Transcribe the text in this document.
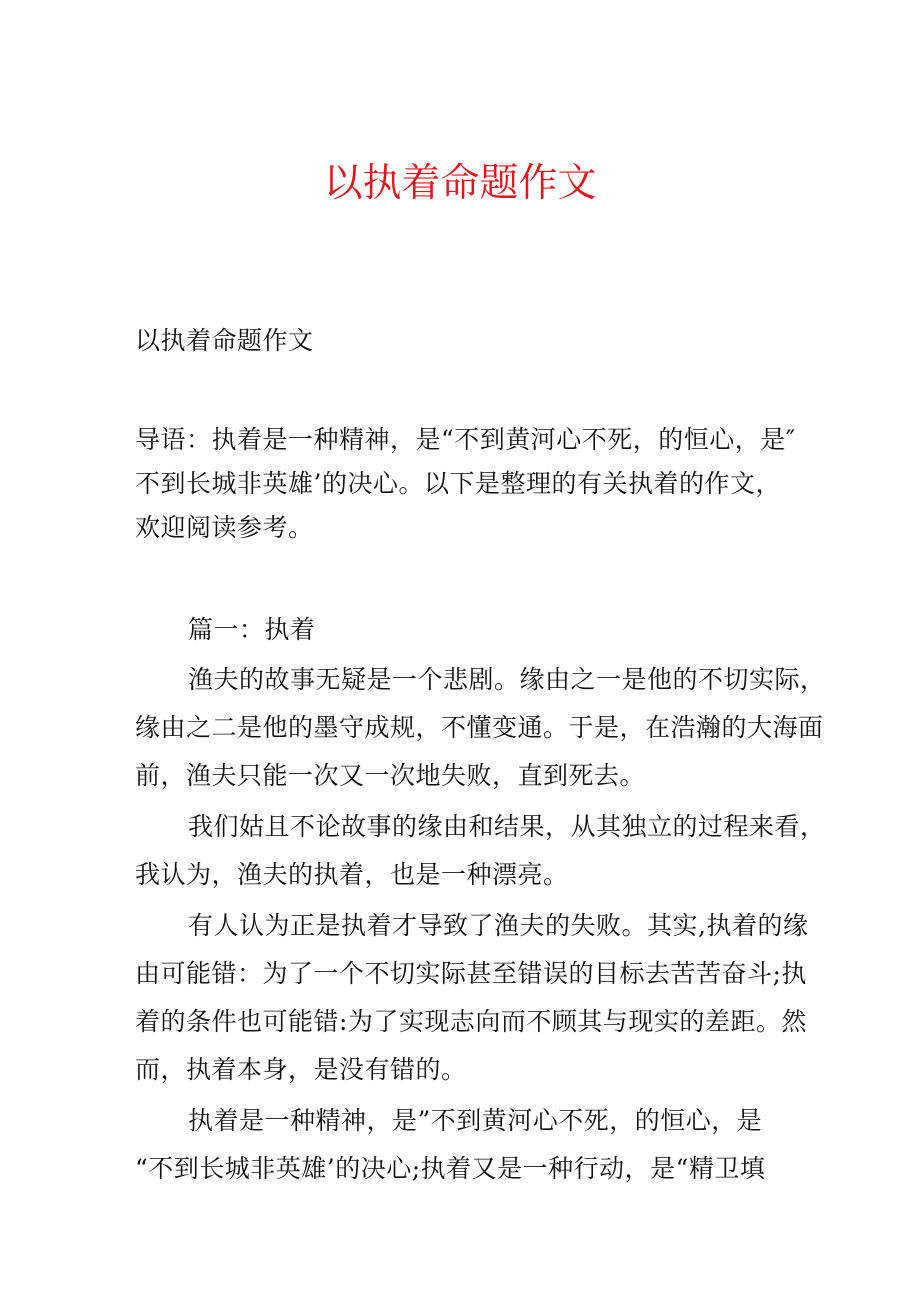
以执着命题作文
以执着命题作文
导语：执着是一种精神，是“不到黄河心不死，的恒心，是″
不到长城非英雄’的决心。以下是整理的有关执着的作文，
欢迎阅读参考。
篇一：执着

渔夫的故事无疑是一个悲剧。缘由之一是他的不切实际，
缘由之二是他的墨守成规，不懂变通。于是，在浩瀚的大海面
前，渔夫只能一次又一次地失败，直到死去。

我们姑且不论故事的缘由和结果，从其独立的过程来看，
我认为，渔夫的执着，也是一种漂亮。

有人认为正是执着才导致了渔夫的失败。其实,执着的缘
由可能错：为了一个不切实际甚至错误的目标去苦苦奋斗;执
着的条件也可能错:为了实现志向而不顾其与现实的差距。然
而，执着本身，是没有错的。

执着是一种精神，是”不到黄河心不死，的恒心，是
“不到长城非英雄’的决心;执着又是一种行动，是“精卫填
